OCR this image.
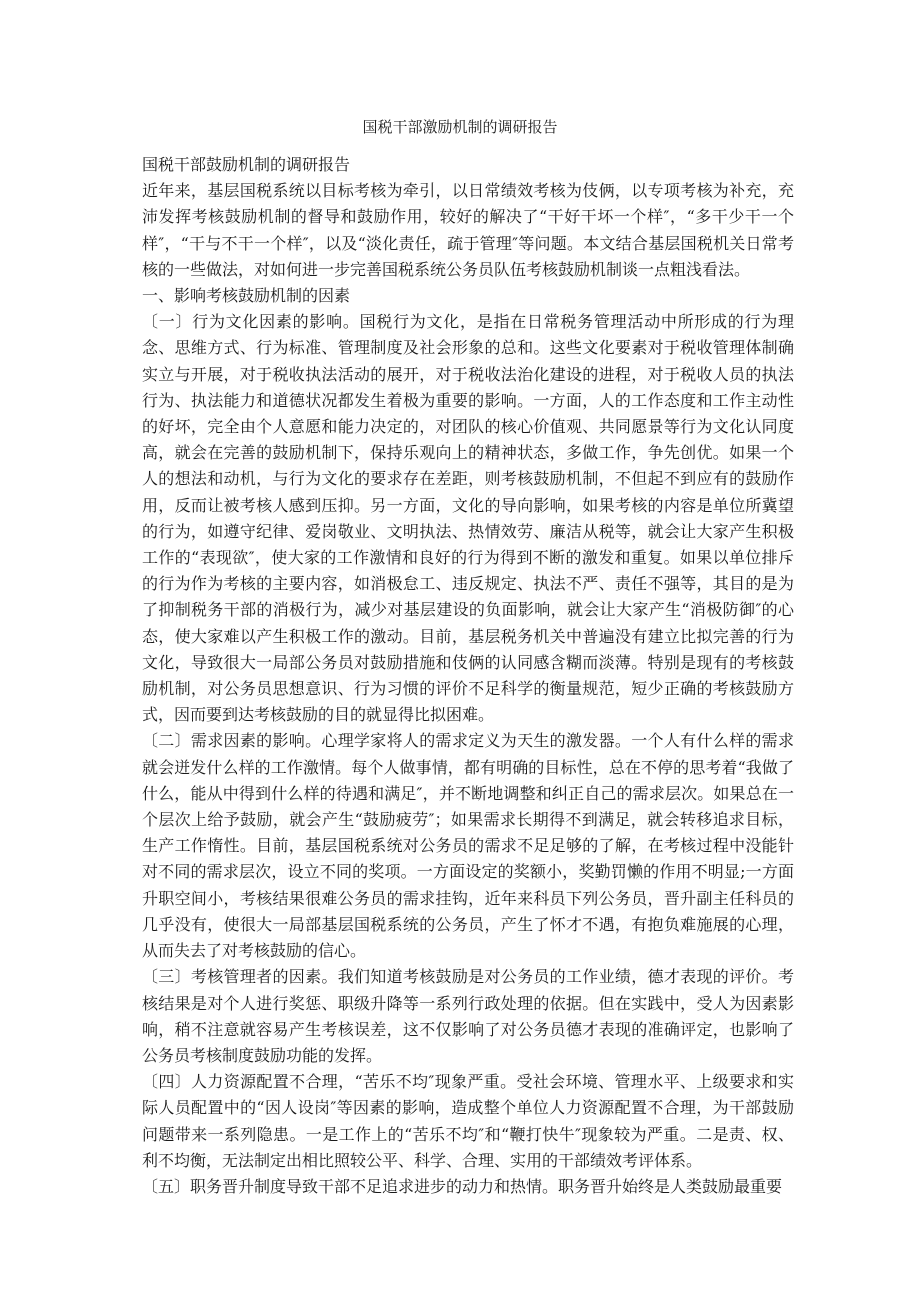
国税干部激励机制的调研报告

国税干部鼓励机制的调研报告

近年来，基层国税系统以目标考核为牵引，以日常绩效考核为伎俩，以专项考核为补充，充沛发挥考核鼓励机制的督导和鼓励作用，较好的解决了“干好干坏一个样″，“多干少干一个样″，“干与不干一个样″，以及“淡化责任，疏于管理″等问题。本文结合基层国税机关日常考核的一些做法，对如何进一步完善国税系统公务员队伍考核鼓励机制谈一点粗浅看法。

一、影响考核鼓励机制的因素

〔一〕行为文化因素的影响。国税行为文化，是指在日常税务管理活动中所形成的行为理念、思维方式、行为标准、管理制度及社会形象的总和。这些文化要素对于税收管理体制确实立与开展，对于税收执法活动的展开，对于税收法治化建设的进程，对于税收人员的执法行为、执法能力和道德状况都发生着极为重要的影响。一方面，人的工作态度和工作主动性的好坏，完全由个人意愿和能力决定的，对团队的核心价值观、共同愿景等行为文化认同度高，就会在完善的鼓励机制下，保持乐观向上的精神状态，多做工作，争先创优。如果一个人的想法和动机，与行为文化的要求存在差距，则考核鼓励机制，不但起不到应有的鼓励作用，反而让被考核人感到压抑。另一方面，文化的导向影响，如果考核的内容是单位所冀望的行为，如遵守纪律、爱岗敬业、文明执法、热情效劳、廉洁从税等，就会让大家产生积极工作的“表现欲″，使大家的工作激情和良好的行为得到不断的激发和重复。如果以单位排斥的行为作为考核的主要内容，如消极怠工、违反规定、执法不严、责任不强等，其目的是为了抑制税务干部的消极行为，减少对基层建设的负面影响，就会让大家产生“消极防御″的心态，使大家难以产生积极工作的激动。目前，基层税务机关中普遍没有建立比拟完善的行为文化，导致很大一局部公务员对鼓励措施和伎俩的认同感含糊而淡薄。特别是现有的考核鼓励机制，对公务员思想意识、行为习惯的评价不足科学的衡量规范，短少正确的考核鼓励方式，因而要到达考核鼓励的目的就显得比拟困难。

〔二〕需求因素的影响。心理学家将人的需求定义为天生的激发器。一个人有什么样的需求就会迸发什么样的工作激情。每个人做事情，都有明确的目标性，总在不停的思考着“我做了什么，能从中得到什么样的待遇和满足″，并不断地调整和纠正自己的需求层次。如果总在一个层次上给予鼓励，就会产生“鼓励疲劳″；如果需求长期得不到满足，就会转移追求目标，生产工作惰性。目前，基层国税系统对公务员的需求不足足够的了解，在考核过程中没能针对不同的需求层次，设立不同的奖项。一方面设定的奖额小，奖勤罚懒的作用不明显;一方面升职空间小，考核结果很难公务员的需求挂钩，近年来科员下列公务员，晋升副主任科员的几乎没有，使很大一局部基层国税系统的公务员，产生了怀才不遇，有抱负难施展的心理，从而失去了对考核鼓励的信心。

〔三〕考核管理者的因素。我们知道考核鼓励是对公务员的工作业绩，德才表现的评价。考核结果是对个人进行奖惩、职级升降等一系列行政处理的依据。但在实践中，受人为因素影响，稍不注意就容易产生考核误差，这不仅影响了对公务员德才表现的准确评定，也影响了公务员考核制度鼓励功能的发挥。

〔四〕人力资源配置不合理，“苦乐不均″现象严重。受社会环境、管理水平、上级要求和实际人员配置中的“因人设岗″等因素的影响，造成整个单位人力资源配置不合理，为干部鼓励问题带来一系列隐患。一是工作上的“苦乐不均″和“鞭打快牛″现象较为严重。二是责、权、利不均衡，无法制定出相比照较公平、科学、合理、实用的干部绩效考评体系。

〔五〕职务晋升制度导致干部不足追求进步的动力和热情。职务晋升始终是人类鼓励最重要
